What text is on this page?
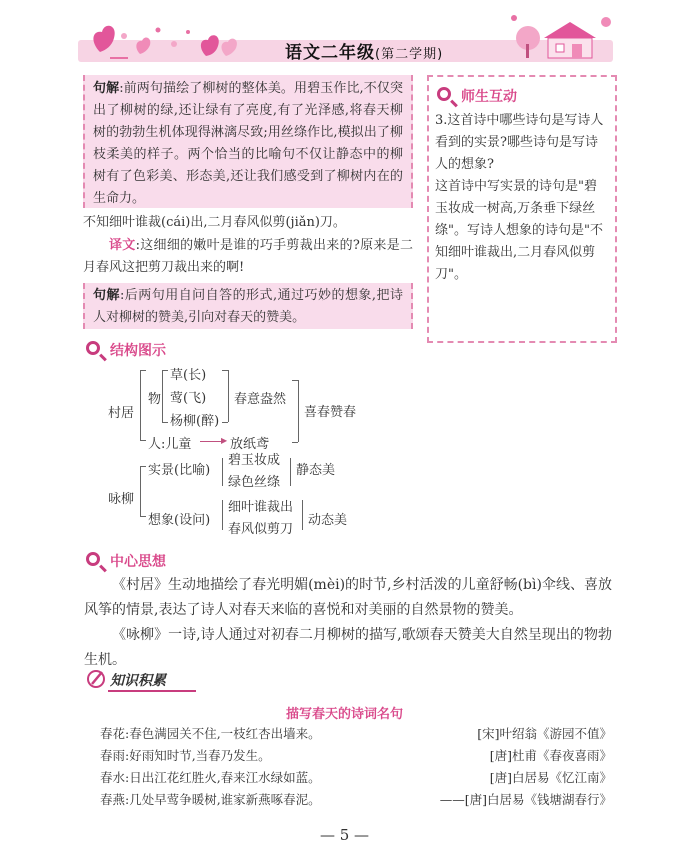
语文二年级(第二学期)
句解:前两句描绘了柳树的整体美。用碧玉作比,不仅突出了柳树的绿,还让绿有了亮度,有了光泽感,将春天柳树的勃勃生机体现得淋漓尽致;用丝绦作比,模拟出了柳枝柔美的样子。两个恰当的比喻句不仅让静态中的柳树有了色彩美、形态美,还让我们感受到了柳树内在的生命力。
不知细叶谁裁(cái)出,二月春风似剪(jiǎn)刀。
译文:这细细的嫩叶是谁的巧手剪裁出来的?原来是二月春风这把剪刀裁出来的啊!
句解:后两句用自问自答的形式,通过巧妙的想象,把诗人对柳树的赞美,引向对春天的赞美。
师生互动
3.这首诗中哪些诗句是写诗人看到的实景?哪些诗句是写诗人的想象?
这首诗中写实景的诗句是"碧玉妆成一树高,万条垂下绿丝绦"。写诗人想象的诗句是"不知细叶谁裁出,二月春风似剪刀"。
结构图示
村居
物
草(长)
莺(飞)
杨柳(醉)
春意盎然
喜春赞春
人:儿童	▶ 放纸鸢
咏柳
实景(比喻)
碧玉妆成
绿色丝绦
静态美
想象(设问)
细叶谁裁出
春风似剪刀
动态美
中心思想
《村居》生动地描绘了春光明媚(mèi)的时节,乡村活泼的儿童舒畅(bì)伞线、喜放风筝的情景,表达了诗人对春天来临的喜悦和对美丽的自然景物的赞美。
《咏柳》一诗,诗人通过对初春二月柳树的描写,歌颂春天赞美大自然呈现出的物勃生机。
知识积累
描写春天的诗词名句
春花:春色满园关不住,一枝红杏出墙来。	[宋]叶绍翁《游园不值》
春雨:好雨知时节,当春乃发生。	[唐]杜甫《春夜喜雨》
春水:日出江花红胜火,春来江水绿如蓝。	[唐]白居易《忆江南》
春燕:几处早莺争暖树,谁家新燕啄春泥。	——[唐]白居易《钱塘湖春行》
— 5 —
